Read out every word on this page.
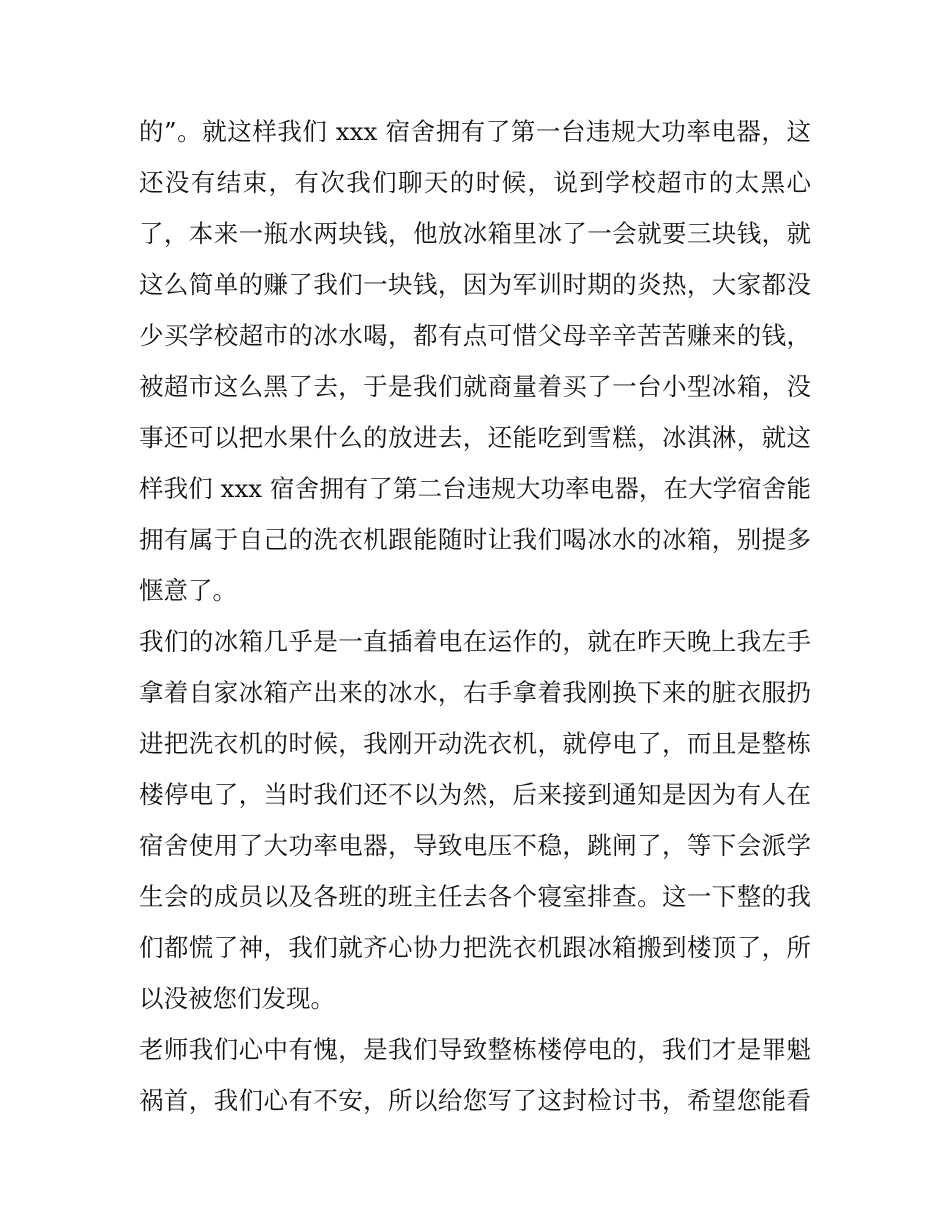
的”。就这样我们 xxx 宿舍拥有了第一台违规大功率电器，这
还没有结束，有次我们聊天的时候，说到学校超市的太黑心
了，本来一瓶水两块钱，他放冰箱里冰了一会就要三块钱，就
这么简单的赚了我们一块钱，因为军训时期的炎热，大家都没
少买学校超市的冰水喝，都有点可惜父母辛辛苦苦赚来的钱，
被超市这么黑了去，于是我们就商量着买了一台小型冰箱，没
事还可以把水果什么的放进去，还能吃到雪糕，冰淇淋，就这
样我们 xxx 宿舍拥有了第二台违规大功率电器，在大学宿舍能
拥有属于自己的洗衣机跟能随时让我们喝冰水的冰箱，别提多
惬意了。
我们的冰箱几乎是一直插着电在运作的，就在昨天晚上我左手
拿着自家冰箱产出来的冰水，右手拿着我刚换下来的脏衣服扔
进把洗衣机的时候，我刚开动洗衣机，就停电了，而且是整栋
楼停电了，当时我们还不以为然，后来接到通知是因为有人在
宿舍使用了大功率电器，导致电压不稳，跳闸了，等下会派学
生会的成员以及各班的班主任去各个寝室排查。这一下整的我
们都慌了神，我们就齐心协力把洗衣机跟冰箱搬到楼顶了，所
以没被您们发现。
老师我们心中有愧，是我们导致整栋楼停电的，我们才是罪魁
祸首，我们心有不安，所以给您写了这封检讨书，希望您能看
